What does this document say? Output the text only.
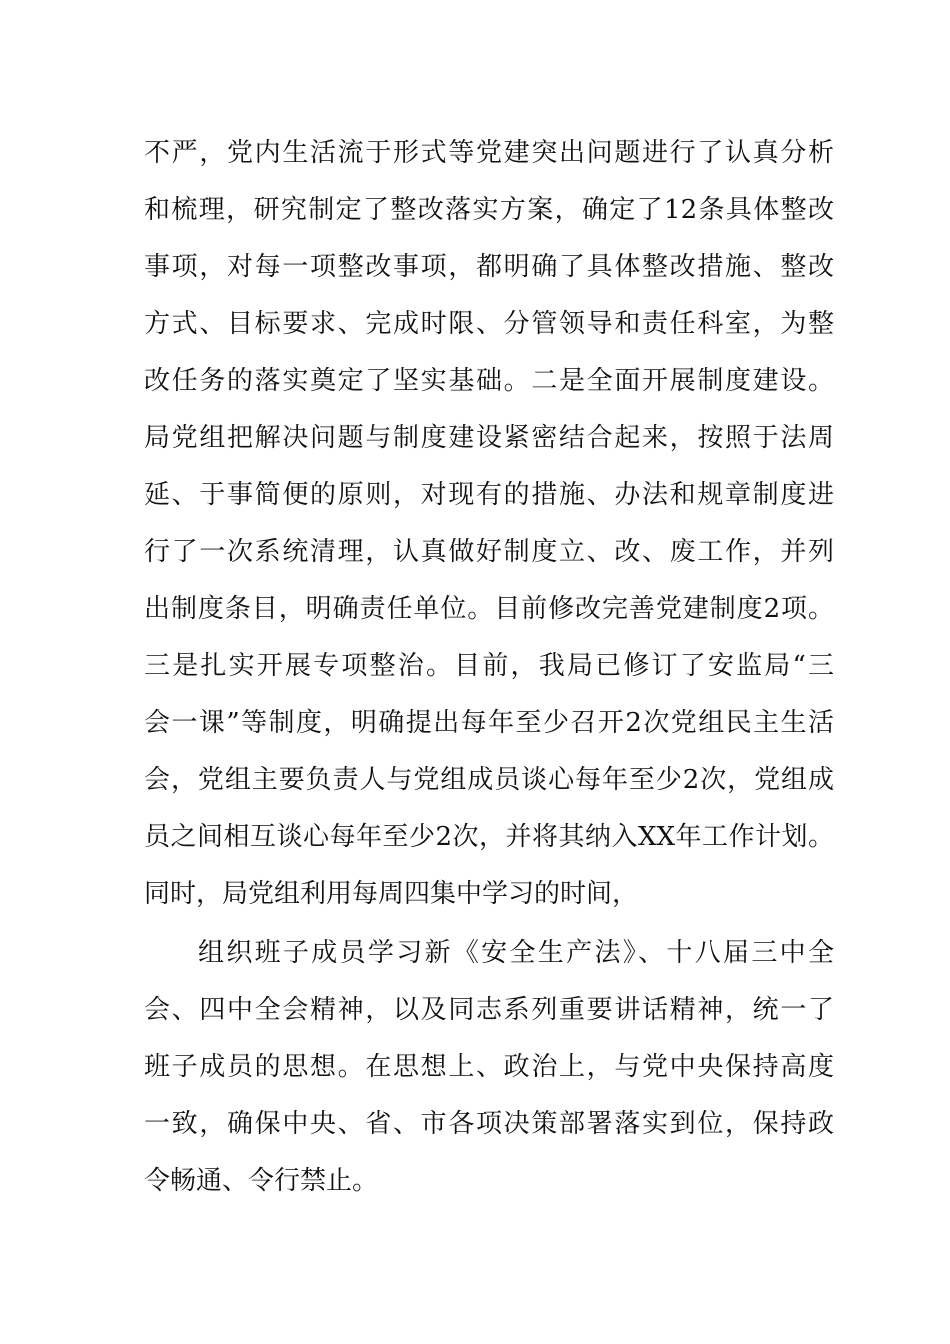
不严，党内生活流于形式等党建突出问题进行了认真分析
和梳理，研究制定了整改落实方案，确定了12条具体整改
事项，对每一项整改事项，都明确了具体整改措施、整改
方式、目标要求、完成时限、分管领导和责任科室，为整
改任务的落实奠定了坚实基础。二是全面开展制度建设。
局党组把解决问题与制度建设紧密结合起来，按照于法周
延、于事简便的原则，对现有的措施、办法和规章制度进
行了一次系统清理，认真做好制度立、改、废工作，并列
出制度条目，明确责任单位。目前修改完善党建制度2项。
三是扎实开展专项整治。目前，我局已修订了安监局“三
会一课”等制度，明确提出每年至少召开2次党组民主生活
会，党组主要负责人与党组成员谈心每年至少2次，党组成
员之间相互谈心每年至少2次，并将其纳入XX年工作计划。
同时，局党组利用每周四集中学习的时间，
组织班子成员学习新《安全生产法》、十八届三中全
会、四中全会精神，以及同志系列重要讲话精神，统一了
班子成员的思想。在思想上、政治上，与党中央保持高度
一致，确保中央、省、市各项决策部署落实到位，保持政
令畅通、令行禁止。
